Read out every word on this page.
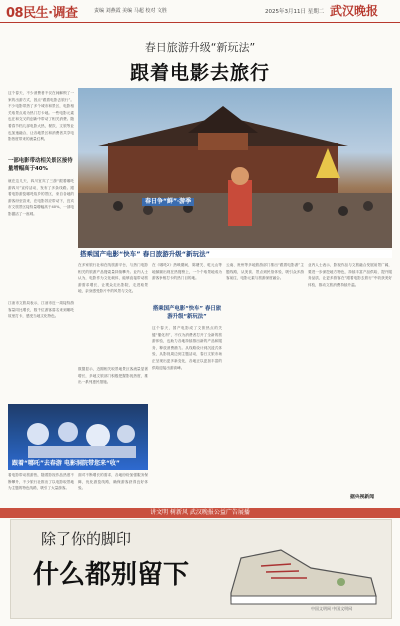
08民生·调查	责编 刘燕霞 美编 马超 校对 文胜	2025年3月11日 星期二 武汉晚报
春日旅游升级“新玩法”
跟着电影去旅行
这个春天，不少消费者不仅在间解锁了一家的出游方式，因点“跟着电影去旅行”。不少电影带热了多个城市和景区，电影相关取景点成为热门打卡地。一些电影元素也在和交叉的创新中带动了相关消费。随着春节档几部电影大热，餐饮、文旅等业也加速融合，让各地景区和消费者共享电影热度带来的流量红利。
一部电影带动相关景区接待量增幅高于40%
就在这几天，四川宜宾了三游“跟着哪吒游四川”宣传活动，发布了多条线路。跟着电影游览哪吒故乡的景区，来自各地的游客纷至沓来，在电影效应带动下，宜宾市文旅景区接待量增幅高于40%，一部电影激活了一座城。
春日争“鲜”·游季
搭乘国产电影“快车” 春日旅游升级“新玩法”
江油市文旅局表示，江油市近一周接待游客量同比增长，数千位游客慕名来到哪吒故里打卡，感受当地文化特色。
在多家旅行社和在线旅游平台，与热门电影相关的旅游产品搜索量持续攀升。业内人士认为，电影作为文化载体，能够直接带动旅游需求增长，让观众走出影院，走进取景地，亲身感受影片中的风景与文化。
在《哪吒2》热映期间，陈塘关、乾元山等地频频出现在热搜榜上，一个个取景地成为游客争相打卡的热门目的地。
搭乘国产电影“快车” 春日旅游升级“新玩法”
这个春天，国产电影成了文旅热点的关键“催化剂”，不仅为消费者打开了全新的旅游体验，也助力各地持续推出新的产品和服务，释放消费潜力。从线路设计到沉浸式体验，从影视周边到主题活动，春日文旅市场正呈现出更多新变化，各地正以更加丰富的供给迎接出游高峰。
云南、贵州等多地旅游部门推出“跟着电影游”主题线路，从美食、景点到民俗体验，吸引众多游客前往，电影元素与旅游深度融合。
业内人士表示，影视作品与文旅融合发展前景广阔，要进一步深挖地方特色，持续丰富产品供给，提升服务品质，让更多游客在“跟着电影去旅行”中收获美好体验，推动文旅消费持续升温。
据央视新闻
跟着“哪吒”去春游 电影洞院带您来“收”
看电影带动旅游热，随着影视作品热度不断攀升，不少旅行社推出了以电影取景地为主题的特色线路，吸引了大量游客。
数据显示，近期相关取景地景区客流量显著增长，多地文旅部门积极把握影视热度，推出一系列惠民措施。
面对不断增长的需求，各地纷纷加强服务保障，优化游览线路，确保游客获得良好体验。
讲文明 树新风 武汉晚报公益广告展播
除了你的脚印
什么都别留下
中国文明网 中国文明网
